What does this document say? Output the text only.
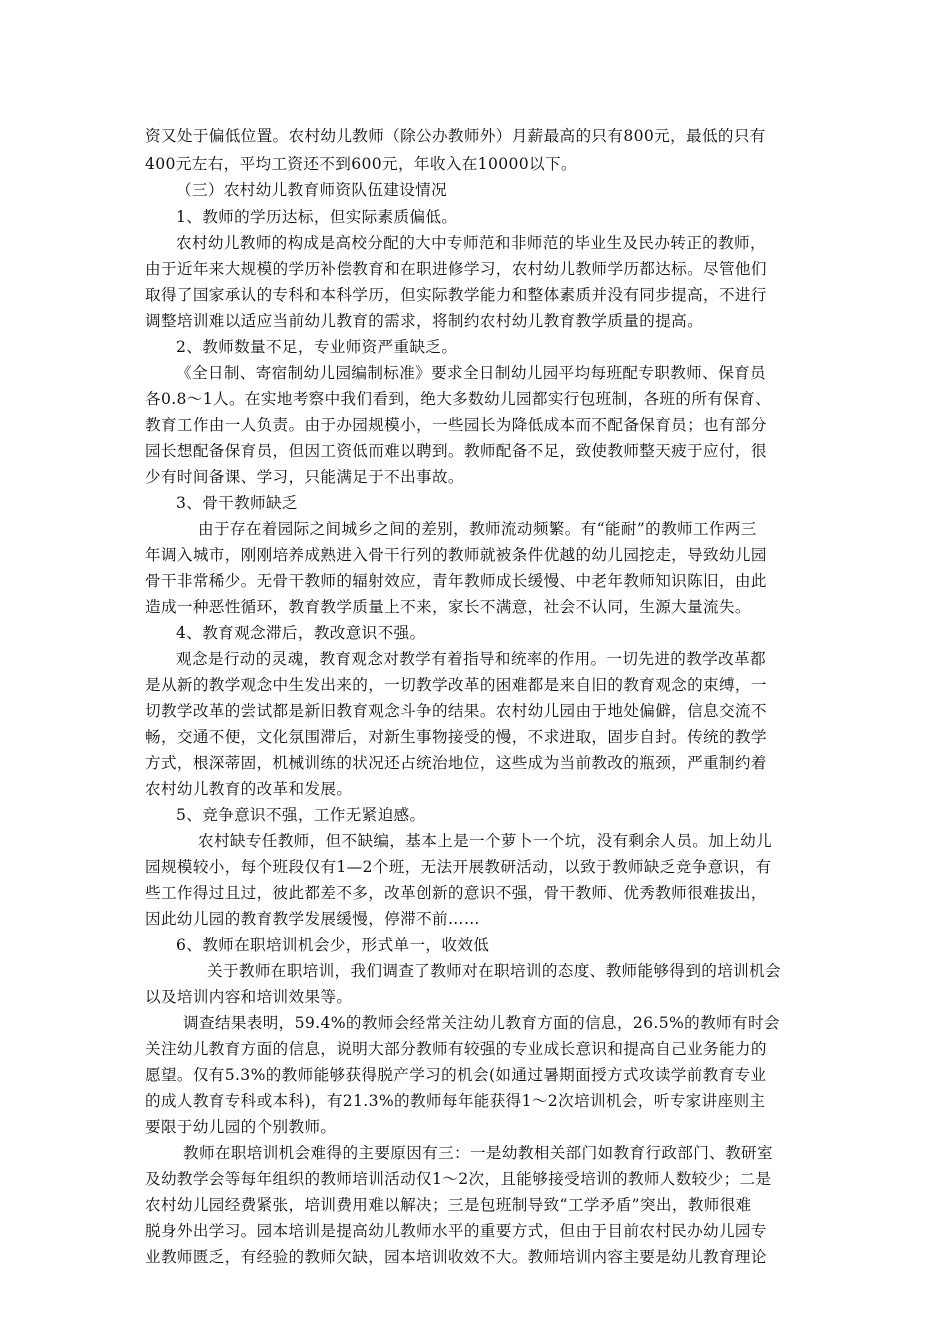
资又处于偏低位置。农村幼儿教师（除公办教师外）月薪最高的只有800元，最低的只有
400元左右，平均工资还不到600元，年收入在10000以下。
（三）农村幼儿教育师资队伍建设情况
1、教师的学历达标，但实际素质偏低。
农村幼儿教师的构成是高校分配的大中专师范和非师范的毕业生及民办转正的教师，
由于近年来大规模的学历补偿教育和在职进修学习，农村幼儿教师学历都达标。尽管他们
取得了国家承认的专科和本科学历，但实际教学能力和整体素质并没有同步提高，不进行
调整培训难以适应当前幼儿教育的需求，将制约农村幼儿教育教学质量的提高。
2、教师数量不足，专业师资严重缺乏。
《全日制、寄宿制幼儿园编制标准》要求全日制幼儿园平均每班配专职教师、保育员
各0.8～1人。在实地考察中我们看到，绝大多数幼儿园都实行包班制，各班的所有保育、
教育工作由一人负责。由于办园规模小，一些园长为降低成本而不配备保育员；也有部分
园长想配备保育员，但因工资低而难以聘到。教师配备不足，致使教师整天疲于应付，很
少有时间备课、学习，只能满足于不出事故。
3、骨干教师缺乏
由于存在着园际之间城乡之间的差别，教师流动频繁。有“能耐”的教师工作两三
年调入城市，刚刚培养成熟进入骨干行列的教师就被条件优越的幼儿园挖走，导致幼儿园
骨干非常稀少。无骨干教师的辐射效应，青年教师成长缓慢、中老年教师知识陈旧，由此
造成一种恶性循环，教育教学质量上不来，家长不满意，社会不认同，生源大量流失。
4、教育观念滞后，教改意识不强。
观念是行动的灵魂，教育观念对教学有着指导和统率的作用。一切先进的教学改革都
是从新的教学观念中生发出来的，一切教学改革的困难都是来自旧的教育观念的束缚，一
切教学改革的尝试都是新旧教育观念斗争的结果。农村幼儿园由于地处偏僻，信息交流不
畅，交通不便，文化氛围滞后，对新生事物接受的慢，不求进取，固步自封。传统的教学
方式，根深蒂固，机械训练的状况还占统治地位，这些成为当前教改的瓶颈，严重制约着
农村幼儿教育的改革和发展。
5、竞争意识不强，工作无紧迫感。
农村缺专任教师，但不缺编，基本上是一个萝卜一个坑，没有剩余人员。加上幼儿
园规模较小，每个班段仅有1—2个班，无法开展教研活动，以致于教师缺乏竞争意识，有
些工作得过且过，彼此都差不多，改革创新的意识不强，骨干教师、优秀教师很难拔出，
因此幼儿园的教育教学发展缓慢，停滞不前……
6、教师在职培训机会少，形式单一，收效低
关于教师在职培训，我们调查了教师对在职培训的态度、教师能够得到的培训机会
以及培训内容和培训效果等。
调查结果表明，59.4%的教师会经常关注幼儿教育方面的信息，26.5%的教师有时会
关注幼儿教育方面的信息，说明大部分教师有较强的专业成长意识和提高自己业务能力的
愿望。仅有5.3%的教师能够获得脱产学习的机会(如通过暑期面授方式攻读学前教育专业
的成人教育专科或本科)，有21.3%的教师每年能获得1～2次培训机会，听专家讲座则主
要限于幼儿园的个别教师。
教师在职培训机会难得的主要原因有三：一是幼教相关部门如教育行政部门、教研室
及幼教学会等每年组织的教师培训活动仅1～2次，且能够接受培训的教师人数较少；二是
农村幼儿园经费紧张，培训费用难以解决；三是包班制导致“工学矛盾”突出，教师很难
脱身外出学习。园本培训是提高幼儿教师水平的重要方式，但由于目前农村民办幼儿园专
业教师匮乏，有经验的教师欠缺，园本培训收效不大。教师培训内容主要是幼儿教育理论
